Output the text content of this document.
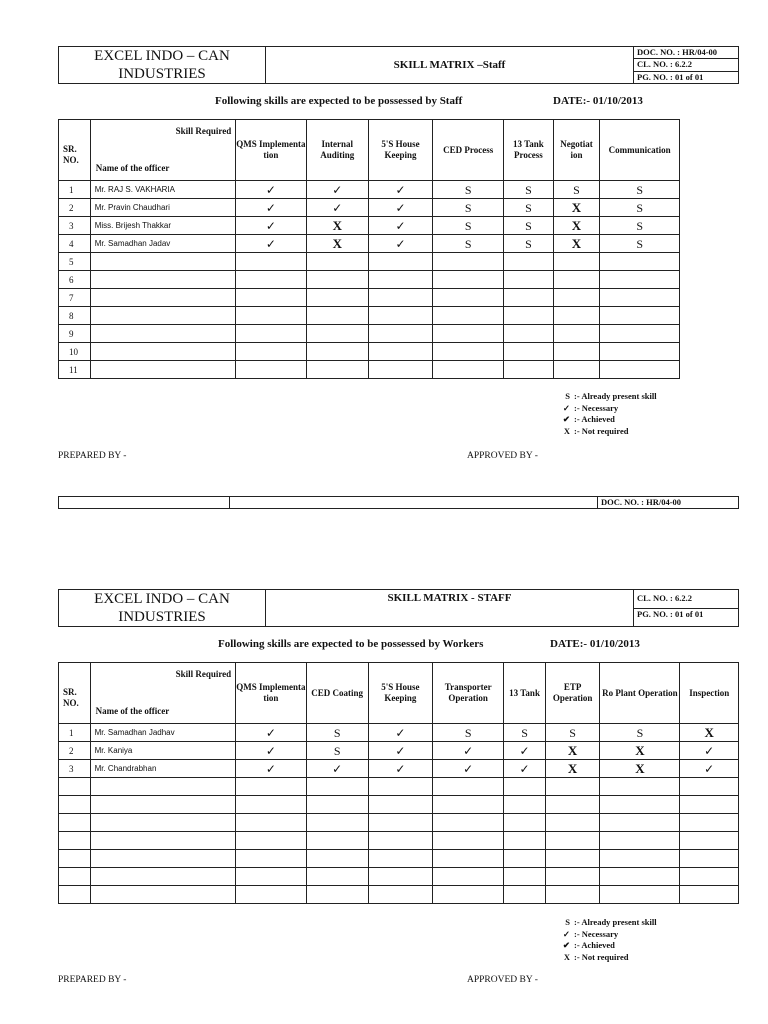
EXCEL INDO – CAN INDUSTRIES	SKILL MATRIX –Staff	DOC. NO. : HR/04-00
CL. NO. : 6.2.2
PG. NO. : 01 of 01
Following skills are expected to be possessed by Staff	DATE:- 01/10/2013
SR. NO.	Skill Required
Name of the officer	QMS Implementa tion	Internal Auditing	5'S House Keeping	CED Process	13 Tank Process	Negotiat ion	Communication
1	Mr. RAJ S. VAKHARIA	✓	✓	✓	S	S	S	S
2	Mr. Pravin Chaudhari	✓	✓	✓	S	S	X	S
3	Miss. Brijesh Thakkar	✓	X	✓	S	S	X	S
4	Mr. Samadhan Jadav	✓	X	✓	S	S	X	S
5								
6								
7								
8								
9								
10								
11								
S :- Already present skill
✓ :- Necessary
✔ :- Achieved
X :- Not required
PREPARED BY -	APPROVED BY -
		DOC. NO. : HR/04-00
EXCEL INDO – CAN INDUSTRIES	SKILL MATRIX - STAFF	CL. NO. : 6.2.2
PG. NO. : 01 of 01
Following skills are expected to be possessed by Workers	DATE:- 01/10/2013
SR. NO.	Skill Required
Name of the officer	QMS Implementa tion	CED Coating	5'S House Keeping	Transporter Operation	13 Tank	ETP Operation	Ro Plant Operation	Inspection
1	Mr. Samadhan Jadhav	✓	S	✓	S	S	S	S	X
2	Mr. Kaniya	✓	S	✓	✓	✓	X	X	✓
3	Mr. Chandrabhan	✓	✓	✓	✓	✓	X	X	✓

S :- Already present skill
✓ :- Necessary
✔ :- Achieved
X :- Not required
PREPARED BY -	APPROVED BY -
